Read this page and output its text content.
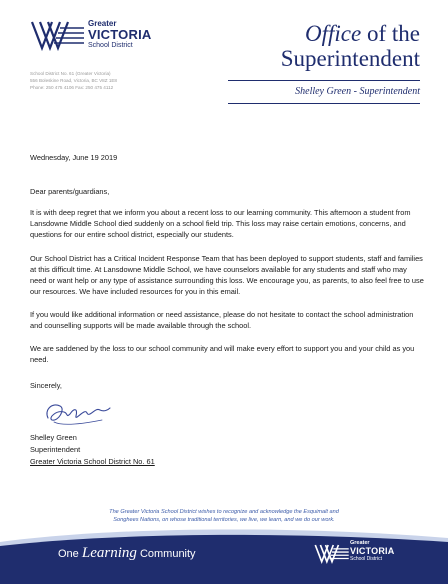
Greater
VICTORIA
School District
School District No. 61 (Greater Victoria)
556 Boleskine Road, Victoria, BC V8Z 1E8
Phone: 250 475 4106 Fax: 250 475 4112
Office of the
Superintendent
Shelley Green - Superintendent
Wednesday, June 19 2019
Dear parents/guardians,
It is with deep regret that we inform you about a recent loss to our learning community. This afternoon a student from Lansdowne Middle School died suddenly on a school field trip. This loss may raise certain emotions, concerns, and questions for our entire school district, especially our students.
Our School District has a Critical Incident Response Team that has been deployed to support students, staff and families at this difficult time. At Lansdowne Middle School, we have counselors available for any students and staff who may need or want help or any type of assistance surrounding this loss. We encourage you, as parents, to also feel free to use our resources. We have included resources for you in this email.
If you would like additional information or need assistance, please do not hesitate to contact the school administration and counselling supports will be made available through the school.
We are saddened by the loss to our school community and will make every effort to support you and your child as you need.
Sincerely,
Shelley Green
Superintendent
Greater Victoria School District No. 61
The Greater Victoria School District wishes to recognize and acknowledge the Esquimalt and
Songhees Nations, on whose traditional territories, we live, we learn, and we do our work.
One Learning Community
Greater
VICTORIA
School District
